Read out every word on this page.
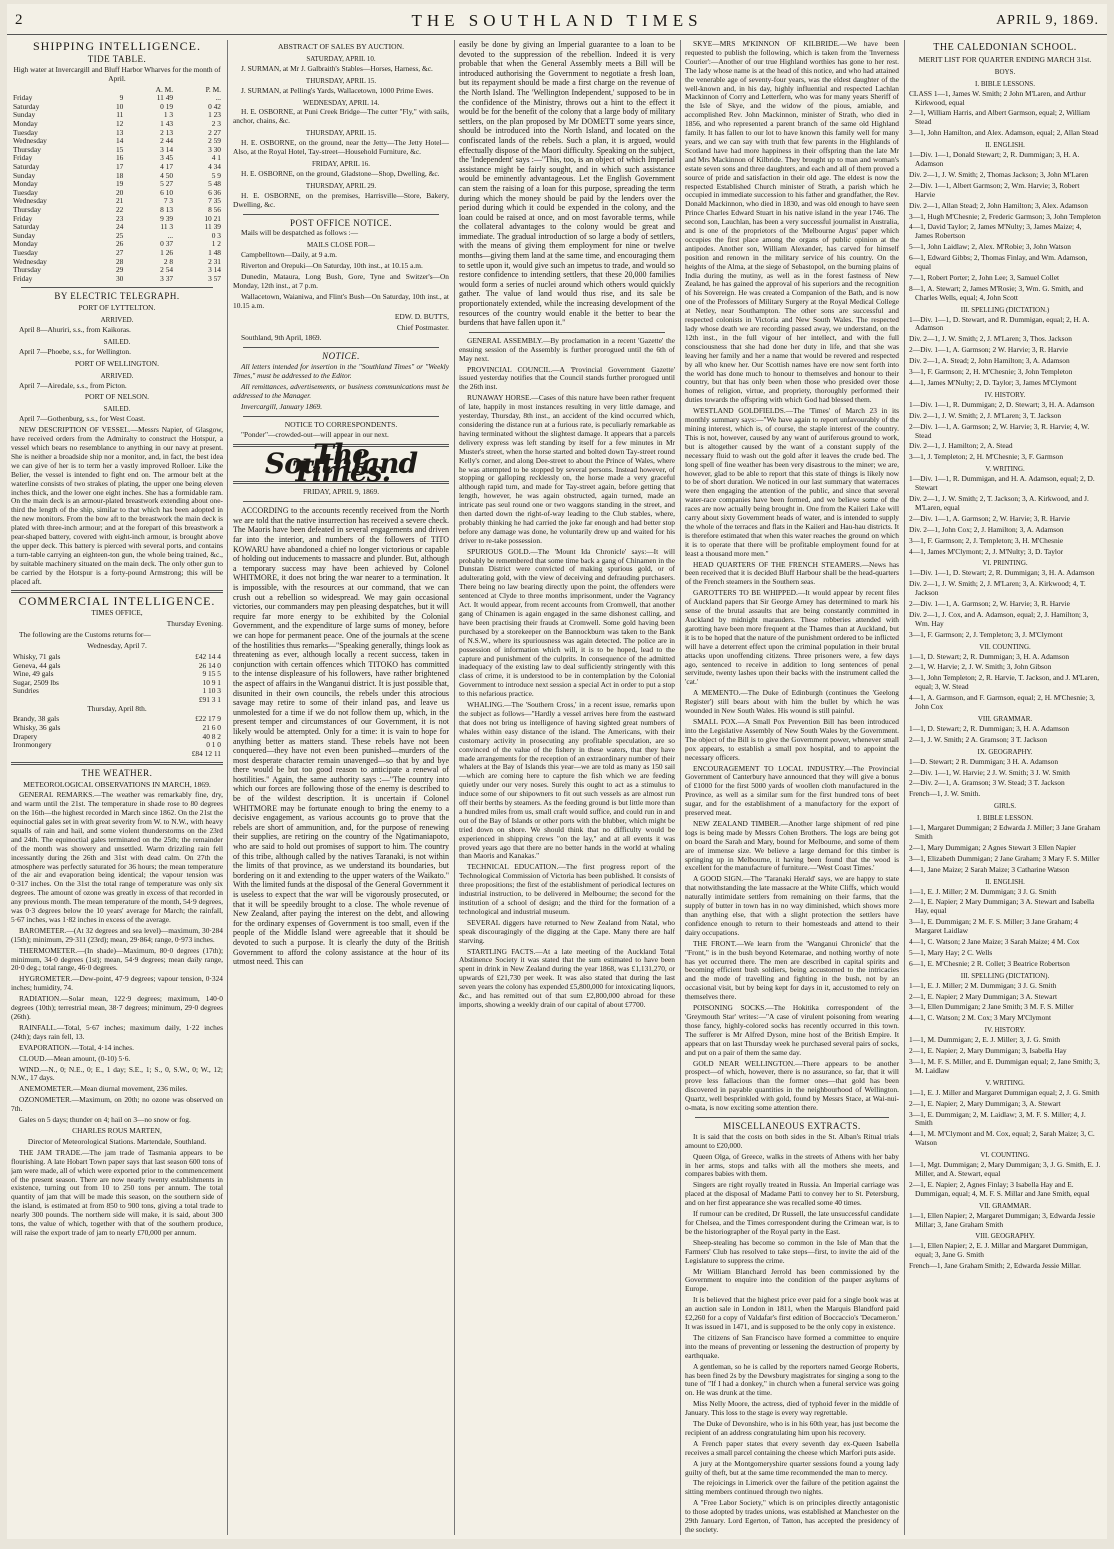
2	THE SOUTHLAND TIMES	APRIL 9, 1869.
SHIPPING INTELLIGENCE.
TIDE TABLE.

High water at Invercargill and Bluff Harbor Wharves for the month of April.

		A. M.	P. M.
Friday	9	11 49	...
Saturday	10	0 19	0 42
Sunday	11	1 3	1 23
Monday	12	1 43	2 3
Tuesday	13	2 13	2 27
Wednesday	14	2 44	2 59
Thursday	15	3 14	3 30
Friday	16	3 45	4 1
Saturday	17	4 17	4 34
Sunday	18	4 50	5 9
Monday	19	5 27	5 48
Tuesday	20	6 10	6 36
Wednesday	21	7 3	7 35
Thursday	22	8 13	8 56
Friday	23	9 39	10 21
Saturday	24	11 3	11 39
Sunday	25	...	0 3
Monday	26	0 37	1 2
Tuesday	27	1 26	1 48
Wednesday	28	2 8	2 31
Thursday	29	2 54	3 14
Friday	30	3 37	3 57
BY ELECTRIC TELEGRAPH.
PORT OF LYTTELTON.
ARRIVED.

April 8—Ahuriri, s.s., from Kaikoras.

SAILED.

April 7—Phoebe, s.s., for Wellington.

PORT OF WELLINGTON.
ARRIVED.

April 7—Airedale, s.s., from Picton.

PORT OF NELSON.
SAILED.

April 7—Gothenburg, s.s., for West Coast.

NEW DESCRIPTION OF VESSEL.—Messrs Napier, of Glasgow, have received orders from the Admiralty to construct the Hotspur, a vessel which bears no resemblance to anything in our navy at present. She is neither a broadside ship nor a monitor, and, in fact, the best idea we can give of her is to term her a vastly improved Rolloer. Like the Belier, the vessel is intended to fight end on. The armour belt at the waterline consists of two strakes of plating, the upper one being eleven inches thick, and the lower one eight inches. She has a formidable ram. On the main deck is an armour-plated breastwork extending about one-third the length of the ship, similar to that which has been adopted in the new monitors. From the bow aft to the breastwork the main deck is plated with three-inch armour; and at the forepart of this breastwork a pear-shaped battery, covered with eight-inch armour, is brought above the upper deck. This battery is pierced with several ports, and contains a turn-table carrying an eighteen-ton gun, the whole being trained, &c., by suitable machinery situated on the main deck. The only other gun to be carried by the Hotspur is a forty-pound Armstrong; this will be placed aft.

COMMERCIAL INTELLIGENCE.

TIMES OFFICE,

Thursday Evening.

The following are the Customs returns for—

Wednesday, April 7.

Whisky, 71 gals	£42 14 4
Geneva, 44 gals	26 14 0
Wine, 49 gals	9 15 5
Sugar, 2509 lbs	10 9 1
Sundries	1 10 3
	£91 3 1

Thursday, April 8th.

Brandy, 38 gals	£22 17 9
Whisky, 36 gals	21 6 0
Drapery	40 8 2
Ironmongery	0 1 0
	£84 12 11
THE WEATHER.
METEOROLOGICAL OBSERVATIONS IN MARCH, 1869.

GENERAL REMARKS.—The weather was remarkably fine, dry, and warm until the 21st. The temperature in shade rose to 80 degrees on the 16th—the highest recorded in March since 1862. On the 21st the equinoctial gales set in with great severity from W. to N.W., with heavy squalls of rain and hail, and some violent thunderstorms on the 23rd and 24th. The equinoctial gales terminated on the 25th; the remainder of the month was showery and unsettled. Warm drizzling rain fell incessantly during the 26th and 31st with dead calm. On 27th the atmosphere was perfectly saturated for 36 hours; the mean temperature of the air and evaporation being identical; the vapour tension was 0·317 inches. On the 31st the total range of temperature was only six degrees. The amount of ozone was greatly in excess of that recorded in any previous month. The mean temperature of the month, 54·9 degrees, was 0·3 degrees below the 10 years' average for March; the rainfall, 5·67 inches, was 1·82 inches in excess of the average.

BAROMETER.—(At 32 degrees and sea level)—maximum, 30·284 (15th); minimum, 29·311 (23rd); mean, 29·864; range, 0·973 inches.

THERMOMETER.—(In shade)—Maximum, 80·0 degrees (17th); minimum, 34·0 degrees (1st); mean, 54·9 degrees; mean daily range, 20·0 deg.; total range, 46·0 degrees.

HYGROMETER.—Dew-point, 47·9 degrees; vapour tension, 0·324 inches; humidity, 74.

RADIATION.—Solar mean, 122·9 degrees; maximum, 140·0 degrees (10th); terrestrial mean, 38·7 degrees; minimum, 29·0 degrees (26th).

RAINFALL.—Total, 5·67 inches; maximum daily, 1·22 inches (24th); days rain fell, 13.

EVAPORATION.—Total, 4·14 inches.

CLOUD.—Mean amount, (0-10) 5·6.

WIND.—N., 0; N.E., 0; E., 1 day; S.E., 1; S., 0, S.W., 0; W., 12; N.W., 17 days.

ANEMOMETER.—Mean diurnal movement, 236 miles.

OZONOMETER.—Maximum, on 20th; no ozone was observed on 7th.

Gales on 5 days; thunder on 4; hail on 3—no snow or fog.

CHARLES ROUS MARTEN,

Director of Meteorological Stations. Martendale, Southland.

THE JAM TRADE.—The jam trade of Tasmania appears to be flourishing. A late Hobart Town paper says that last season 600 tons of jam were made, all of which were exported prior to the commencement of the present season. There are now nearly twenty establishments in existence, turning out from 10 to 250 tons per annum. The total quantity of jam that will be made this season, on the southern side of the island, is estimated at from 850 to 900 tons, giving a total trade to nearly 300 pounds. The northern side will make, it is said, about 300 tons, the value of which, together with that of the southern produce, will raise the export trade of jam to nearly £70,000 per annum.

ABSTRACT OF SALES BY AUCTION.
SATURDAY, APRIL 10.

J. SURMAN, at Mr J. Galbraith's Stables—Horses, Harness, &c.

THURSDAY, APRIL 15.

J. SURMAN, at Pelling's Yards, Wallacetown, 1000 Prime Ewes.

WEDNESDAY, APRIL 14.

H. E. OSBORNE, at Puni Creek Bridge—The cutter "Fly," with sails, anchor, chains, &c.

THURSDAY, APRIL 15.

H. E. OSBORNE, on the ground, near the Jetty—The Jetty Hotel—Also, at the Royal Hotel, Tay-street—Household Furniture, &c.

FRIDAY, APRIL 16.

H. E. OSBORNE, on the ground, Gladstone—Shop, Dwelling, &c.

THURSDAY, APRIL 29.

H. E. OSBORNE, on the premises, Harrisville—Store, Bakery, Dwelling, &c.

POST OFFICE NOTICE.

Mails will be despatched as follows :—

MAILS CLOSE FOR—

Campbelltown—Daily, at 9 a.m.

Riverton and Orepuki—On Saturday, 10th inst., at 10.15 a.m.

Dunedin, Mataura, Long Bush, Gore, Tyne and Switzer's—On Monday, 12th inst., at 7 p.m.

Wallacetown, Waianiwa, and Flint's Bush—On Saturday, 10th inst., at 10.15 a.m.

EDW. D. BUTTS,

Chief Postmaster.

Southland, 9th April, 1869.

NOTICE.

All letters intended for insertion in the "Southland Times" or "Weekly Times," must be addressed to the Editor.

All remittances, advertisements, or business communications must be addressed to the Manager.

Invercargill, January 1869.

NOTICE TO CORRESPONDENTS.

"Ponder"—crowded-out—will appear in our next.

The Southland Times.

FRIDAY, APRIL 9, 1869.

ACCORDING to the accounts recently received from the North we are told that the native insurrection has received a severe check. The Maoris have been defeated in several engagements and driven far into the interior, and numbers of the followers of TITO KOWARU have abandoned a chief no longer victorious or capable of holding out inducements to massacre and plunder. But, although a temporary success may have been achieved by Colonel WHITMORE, it does not bring the war nearer to a termination. It is impossible, with the resources at our command, that we can crush out a rebellion so widespread. We may gain occasional victories, our commanders may pen pleasing despatches, but it will require far more energy to be exhibited by the Colonial Government, and the expenditure of large sums of money, before we can hope for permanent peace. One of the journals at the scene of the hostilities thus remarks—"Speaking generally, things look as threatening as ever, although locally a recent success, taken in conjunction with certain offences which TITOKO has committed to the intense displeasure of his followers, have rather brightened the aspect of affairs in the Wanganui district. It is just possible that, disunited in their own councils, the rebels under this atrocious savage may retire to some of their inland pas, and leave us unmolested for a time if we do not follow them up, which, in the present temper and circumstances of our Government, it is not likely would be attempted. Only for a time: it is vain to hope for anything better as matters stand. These rebels have not been conquered—they have not even been punished—murders of the most desperate character remain unavenged—so that by and bye there would be but too good reason to anticipate a renewal of hostilities." Again, the same authority says :—"The country into which our forces are following those of the enemy is described to be of the wildest description. It is uncertain if Colonel WHITMORE may be fortunate enough to bring the enemy to a decisive engagement, as various accounts go to prove that the rebels are short of ammunition, and, for the purpose of renewing their supplies, are retiring on the country of the Ngatimaniapoto, who are said to hold out promises of support to him. The country of this tribe, although called by the natives Taranaki, is not within the limits of that province, as we understand its boundaries, but bordering on it and extending to the upper waters of the Waikato." With the limited funds at the disposal of the General Government it is useless to expect that the war will be vigorously prosecuted, or that it will be speedily brought to a close. The whole revenue of New Zealand, after paying the interest on the debt, and allowing for the ordinary expenses of Government is too small, even if the people of the Middle Island were agreeable that it should be devoted to such a purpose. It is clearly the duty of the British Government to afford the colony assistance at the hour of its utmost need. This can

easily be done by giving an Imperial guarantee to a loan to be devoted to the suppression of the rebellion. Indeed it is very probable that when the General Assembly meets a Bill will be introduced authorising the Government to negotiate a fresh loan, but its repayment should be made a first charge on the revenue of the North Island. The 'Wellington Independent,' supposed to be in the confidence of the Ministry, throws out a hint to the effect it would be for the benefit of the colony that a large body of military settlers, on the plan proposed by Mr DOMETT some years since, should be introduced into the North Island, and located on the confiscated lands of the rebels. Such a plan, it is argued, would effectually dispose of the Maori difficulty. Speaking on the subject, the 'Independent' says :—"This, too, is an object of which Imperial assistance might be fairly sought, and in which such assistance would be eminently advantageous. Let the English Government can stem the raising of a loan for this purpose, spreading the term during which the money should be paid by the lenders over the period during which it could be expended in the colony, and the loan could be raised at once, and on most favorable terms, while the collateral advantages to the colony would be great and immediate. The gradual introduction of so large a body of settlers, with the means of giving them employment for nine or twelve months—giving them land at the same time, and encouraging them to settle upon it, would give such an impetus to trade, and would so restore confidence to intending settlers, that these 20,000 families would form a series of nuclei around which others would quickly gather. The value of land would thus rise, and its sale be proportionately extended, while the increasing development of the resources of the country would enable it the better to bear the burdens that have fallen upon it."

GENERAL ASSEMBLY.—By proclamation in a recent 'Gazette' the ensuing session of the Assembly is further prorogued until the 6th of May next.

PROVINCIAL COUNCIL.—A 'Provincial Government Gazette' issued yesterday notifies that the Council stands further prorogued until the 26th inst.

RUNAWAY HORSE.—Cases of this nature have been rather frequent of late, happily in most instances resulting in very little damage, and yesterday, Thursday, 8th inst., an accident of the kind occurred which, considering the distance run at a furious rate, is peculiarly remarkable as having terminated without the slightest damage. It appears that a parcels delivery express was left standing by itself for a few minutes in Mr Muster's street, when the horse started and bolted down Tay-street round Kelly's corner, and along Dee-street to about the Prince of Wales, where he was attempted to be stopped by several persons. Instead however, of stopping or galloping recklessly on, the horse made a very graceful although rapid turn, and made for Tay-street again, before getting that length, however, he was again obstructed, again turned, made an intricate pas seul round one or two waggons standing in the street, and then darted down the right-of-way leading to the Club stables, where, probably thinking he had carried the joke far enough and had better stop before any damage was done, he voluntarily drew up and waited for his driver to re-take possession.

SPURIOUS GOLD.—The 'Mount Ida Chronicle' says:—It will probably be remembered that some time back a gang of Chinamen in the Dunstan District were convicted of making spurious gold, or of adulterating gold, with the view of deceiving and defrauding purchasers. There being no law bearing directly upon the point, the offenders were sentenced at Clyde to three months imprisonment, under the Vagrancy Act. It would appear, from recent accounts from Cromwell, that another gang of Chinamen is again engaged in the same dishonest calling, and have been practising their frauds at Cromwell. Some gold having been purchased by a storekeeper on the Bannockburn was taken to the Bank of N.S.W., where its spuriousness was again detected. The police are in possession of information which will, it is to be hoped, lead to the capture and punishment of the culprits. In consequence of the admitted inadequacy of the existing law to deal sufficiently stringently with this class of crime, it is understood to be in contemplation by the Colonial Government to introduce next session a special Act in order to put a stop to this nefarious practice.

WHALING.—The 'Southern Cross,' in a recent issue, remarks upon the subject as follows—"Hardly a vessel arrives here from the eastward that does not bring us intelligence of having sighted great numbers of whales within easy distance of the island. The Americans, with their customary activity in prosecuting any profitable speculation, are so convinced of the value of the fishery in these waters, that they have made arrangements for the reception of an extraordinary number of their whalers at the Bay of Islands this year—we are told as many as 150 sail—which are coming here to capture the fish which we are feeding quietly under our very noses. Surely this ought to act as a stimulus to induce some of our shipowners to fit out such vessels as are almost run off their berths by steamers. As the feeding ground is but little more than a hundred miles from us, small craft would suffice, and could run in and out of the Bay of Islands or other ports with the blubber, which might be tried down on shore. We should think that no difficulty would be experienced in shipping crews "on the lay," and at all events it was proved years ago that there are no better hands in the world at whaling than Maoris and Kanakas."

TECHNICAL EDUCATION.—The first progress report of the Technological Commission of Victoria has been published. It consists of three propositions; the first of the establishment of periodical lectures on industrial instruction, to be delivered in Melbourne; the second for the institution of a school of design; and the third for the formation of a technological and industrial museum.

SEVERAL diggers have returned to New Zealand from Natal, who speak discouragingly of the digging at the Cape. Many there are half starving.

STARTLING FACTS.—At a late meeting of the Auckland Total Abstinence Society it was stated that the sum estimated to have been spent in drink in New Zealand during the year 1868, was £1,131,270, or upwards of £21,730 per week. It was also stated that during the last seven years the colony has expended £5,800,000 for intoxicating liquors, &c., and has remitted out of that sum £2,800,000 abroad for these imports, showing a weekly drain of our capital of about £7700.

SKYE—MRS M'KINNON OF KILBRIDE.—We have been requested to publish the following, which is taken from the 'Inverness Courier':—Another of our true Highland worthies has gone to her rest. The lady whose name is at the head of this notice, and who had attained the venerable age of seventy-four years, was the eldest daughter of the well-known and, in his day, highly influential and respected Lachlan Mackinnon of Corry and Letterfern, who was for many years Sheriff of the Isle of Skye, and the widow of the pious, amiable, and accomplished Rev. John Mackinnon, minister of Strath, who died in 1856, and who represented a parent branch of the same old Highland family. It has fallen to our lot to have known this family well for many years, and we can say with truth that few parents in the Highlands of Scotland have had more happiness in their offspring than the late Mr and Mrs Mackinnon of Kilbride. They brought up to man and woman's estate seven sons and three daughters, and each and all of them proved a source of pride and satisfaction in their old age. The eldest is now the respected Established Church minister of Strath, a parish which he occupied in immediate succession to his father and grandfather, the Rev. Donald Mackinnon, who died in 1830, and was old enough to have seen Prince Charles Edward Stuart in his native island in the year 1746. The second son, Lauchlan, has been a very successful journalist in Australia, and is one of the proprietors of the 'Melbourne Argus' paper which occupies the first place among the organs of public opinion at the antipodes. Another son, William Alexander, has carved for himself position and renown in the military service of his country. On the heights of the Alma, at the siege of Sebastopol, on the burning plains of India during the mutiny, as well as in the forest fastness of New Zealand, he has gained the approval of his superiors and the recognition of his Sovereign. He was created a Companion of the Bath, and is now one of the Professors of Military Surgery at the Royal Medical College at Netley, near Southampton. The other sons are successful and respected colonists in Victoria and New South Wales. The respected lady whose death we are recording passed away, we understand, on the 12th inst., in the full vigour of her intellect, and with the full consciousness that she had done her duty in life, and that she was leaving her family and her a name that would be revered and respected by all who knew her. Our Scottish names have ere now sent forth into the world has done much to honour to themselves and honour to their country, but that has only been when those who presided over those homes of religion, virtue, and propriety, thoroughly performed their duties towards the offspring with which God had blessed them.

WESTLAND GOLDFIELDS.—The 'Times' of March 23 in its monthly summary says:—"We have again to report unfavourably of the mining interest, which is, of course, the staple interest of the country. This is not, however, caused by any want of auriferous ground to work, but is altogether caused by the want of a constant supply of the necessary fluid to wash out the gold after it leaves the crude bed. The long spell of fine weather has been very disastrous to the miner; we are, however, glad to be able to report that this state of things is likely now to be of short duration. We noticed in our last summary that waterraces were then engaging the attention of the public, and since that several water-race companies have been formed, and we believe some of the races are now actually being brought in. One from the Kaiieri Lake will carry about sixty Government heads of water, and is intended to supply the whole of the terraces and flats in the Kaiieri and Hau-hau districts. It is therefore estimated that when this water reaches the ground on which it is to operate that there will be profitable employment found for at least a thousand more men."

HEAD QUARTERS OF THE FRENCH STEAMERS.—News has been received that it is decided Bluff Harbour shall be the head-quarters of the French steamers in the Southern seas.

GAROTTERS TO BE WHIPPED.—It would appear by recent files of Auckland papers that Sir George Arney has determined to mark his sense of the brutal assaults that are being constantly committed in Auckland by midnight marauders. These robberies attended with garotting have been more frequent at the Thames than at Auckland, but it is to be hoped that the nature of the punishment ordered to be inflicted will have a deterrent effect upon the criminal population in their brutal attacks upon unoffending citizens. Three prisoners were, a few days ago, sentenced to receive in addition to long sentences of penal servitude, twenty lashes upon their backs with the instrument called the 'cat.'

A MEMENTO.—The Duke of Edinburgh (continues the 'Geelong Register') still bears about with him the bullet by which he was wounded in New South Wales. His wound is still painful.

SMALL POX.—A Small Pox Prevention Bill has been introduced into the Legislative Assembly of New South Wales by the Government. The object of the Bill is to give the Government power, whenever small pox appears, to establish a small pox hospital, and to appoint the necessary officers.

ENCOURAGEMENT TO LOCAL INDUSTRY.—The Provincial Government of Canterbury have announced that they will give a bonus of £1000 for the first 5000 yards of woollen cloth manufactured in the Province, as well as a similar sum for the first hundred tons of beet sugar, and for the establishment of a manufactory for the export of preserved meat.

NEW ZEALAND TIMBER.—Another large shipment of red pine logs is being made by Messrs Cohen Brothers. The logs are being got on board the Sarah and Mary, bound for Melbourne, and some of them are of immense size. We believe a large demand for this timber is springing up in Melbourne, it having been found that the wood is excellent for the manufacture of furniture.—'West Coast Times.'

A GOOD SIGN.—The 'Taranaki Herald' says, we are happy to state that notwithstanding the late massacre at the White Cliffs, which would naturally intimidate settlers from remaining on their farms, that the supply of butter in town has in no way diminished, which shows more than anything else, that with a slight protection the settlers have confidence enough to return to their homesteads and attend to their dairy occupations.

THE FRONT.—We learn from the 'Wanganui Chronicle' that the "Front," is in the bush beyond Ketemarae, and nothing worthy of note has yet occurred there. The men are described in capital spirits and becoming efficient bush soldiers, being accustomed to the intricacies and the mode of travelling and fighting in the bush, not by an occasional visit, but by being kept for days in it, accustomed to rely on themselves there.

POISONING SOCKS.—The Hokitika correspondent of the 'Greymouth Star' writes:—"A case of virulent poisoning from wearing those fancy, highly-colored socks has recently occurred in this town. The sufferer is Mr Alfred Dyson, mine host of the British Empire. It appears that on last Thursday week he purchased several pairs of socks, and put on a pair of them the same day.

GOLD NEAR WELLINGTON.—There appears to be another prospect—of which, however, there is no assurance, so far, that it will prove less fallacious than the former ones—that gold has been discovered in payable quantities in the neighbourhood of Wellington. Quartz, well besprinkled with gold, found by Messrs Stace, at Wai-nui-o-mata, is now exciting some attention there.

MISCELLANEOUS EXTRACTS.

It is said that the costs on both sides in the St. Alban's Ritual trials amount to £20,000.

Queen Olga, of Greece, walks in the streets of Athens with her baby in her arms, stops and talks with all the mothers she meets, and compares babies with them.

Singers are right royally treated in Russia. An Imperial carriage was placed at the disposal of Madame Patti to convey her to St. Petersburg, and on her first appearance she was recalled some 40 times.

If rumour can be credited, Dr Russell, the late unsuccessful candidate for Chelsea, and the Times correspondent during the Crimean war, is to be the historiographer of the Royal party in the East.

Sheep-stealing has become so common in the Isle of Man that the Farmers' Club has resolved to take steps—first, to invite the aid of the Legislature to suppress the crime.

Mr William Blanchard Jerrold has been commissioned by the Government to enquire into the condition of the pauper asylums of Europe.

It is believed that the highest price ever paid for a single book was at an auction sale in London in 1811, when the Marquis Blandford paid £2,260 for a copy of Valdafar's first edition of Boccaccio's 'Decameron.' It was issued in 1471, and is supposed to be the only copy in existence.

The citizens of San Francisco have formed a committee to enquire into the means of preventing or lessening the destruction of property by earthquake.

A gentleman, so he is called by the reporters named George Roberts, has been fined 2s by the Dewsbury magistrates for singing a song to the tune of "If I had a donkey," in church when a funeral service was going on. He was drunk at the time.

Miss Nelly Moore, the actress, died of typhoid fever in the middle of January. This loss to the stage is every way regrettable.

The Duke of Devonshire, who is in his 60th year, has just become the recipient of an address congratulating him upon his recovery.

A French paper states that every seventh day ex-Queen Isabella receives a small parcel containing the cheese which Marfori puts aside.

A jury at the Montgomeryshire quarter sessions found a young lady guilty of theft, but at the same time recommended the man to mercy.

The rejoicings in Limerick over the failure of the petition against the sitting members continued through two nights.

A "Free Labor Society," which is on principles directly antagonistic to those adopted by trades unions, was established at Manchester on the 29th January. Lord Egerton, of Tatton, has accepted the presidency of the society.

THE CALEDONIAN SCHOOL.
MERIT LIST FOR QUARTER ENDING MARCH 31st.
BOYS.
I. BIBLE LESSONS.

CLASS 1—1, James W. Smith; 2 John M'Laren, and Arthur Kirkwood, equal

2—1, William Harris, and Albert Garmson, equal; 2, William Stead

3—1, John Hamilton, and Alex. Adamson, equal; 2, Allan Stead

II. ENGLISH.

1—Div. 1—1, Donald Stewart; 2, R. Dummigan; 3, H. A. Adamson

Div. 2—1, J. W. Smith; 2, Thomas Jackson; 3, John M'Laren

2—Div. 1—1, Albert Garmson; 2, Wm. Harvie; 3, Robert Harvie

Div. 2—1, Allan Stead; 2, John Hamilton; 3, Alex. Adamson

3—1, Hugh M'Chesnie; 2, Frederic Garmson; 3, John Templeton

4—1, David Taylor; 2, James M'Nulty; 3, James Maize; 4, James Robertson

5—1, John Laidlaw; 2, Alex. M'Robie; 3, John Watson

6—1, Edward Gibbs; 2, Thomas Finlay, and Wm. Adamson, equal

7—1, Robert Porter; 2, John Lee; 3, Samuel Collet

8—1, A. Stewart; 2, James M'Rosie; 3, Wm. G. Smith, and Charles Wells, equal; 4, John Scott

III. SPELLING (DICTATION.)

1—Div. 1—1, D. Stewart, and R. Dummigan, equal; 2, H. A. Adamson

Div. 2—1, J. W. Smith; 2, J. M'Laren; 3, Thos. Jackson

2—Div. 1—1, A. Garmson; 2 W. Harvie; 3, R. Harvie

Div. 2—1, A. Stead; 2, John Hamilton; 3, A. Adamson

3—1, F. Garmson; 2, H. M'Chesnie; 3, John Templeton

4—1, James M'Nulty; 2, D. Taylor; 3, James M'Clymont

IV. HISTORY.

1—Div. 1—1, R. Dummigan; 2, D. Stewart; 3, H. A. Adamson

Div. 2—1, J. W. Smith; 2, J. M'Laren; 3, T. Jackson

2—Div. 1—1, A. Garmson; 2, W. Harvie; 3, R. Harvie; 4, W. Stead

Div. 2—1, J. Hamilton; 2, A. Stead

3—1, J. Templeton; 2, H. M'Chesnie; 3, F. Garmson

V. WRITING.

1—Div. 1—1, R. Dummigan, and H. A. Adamson, equal; 2, D. Stewart

Div. 2—1, J. W. Smith; 2, T. Jackson; 3, A. Kirkwood, and J. M'Laren, equal

2—Div. 1—1, A. Garmson; 2, W. Harvie; 3, R. Harvie

Div. 2—1, John Cox; 2, J. Hamilton; 3, A. Adamson

3—1, F. Garmson; 2, J. Templeton; 3, H. M'Chesnie

4—1, James M'Clymont; 2, J. M'Nulty; 3, D. Taylor

VI. PRINTING.

1—Div. 1—1, D. Stewart; 2, R. Dummigan; 3, H. A. Adamson

Div. 2—1, J. W. Smith; 2, J. M'Laren; 3, A. Kirkwood; 4, T. Jackson

2—Div. 1—1, A. Garmson; 2, W. Harvie; 3, R. Harvie

Div. 2—1, J. Cox, and A. Adamson, equal; 2, J. Hamilton; 3, Wm. Hay

3—1, F. Garmson; 2, J. Templeton; 3, J. M'Clymont

VII. COUNTING.

1—1, D. Stewart; 2, R. Dummigan; 3, H. A. Adamson

2—1, W. Harvie; 2, J. W. Smith; 3, John Gibson

3—1, John Templeton; 2, R. Harvie, T. Jackson, and J. M'Laren, equal; 3, W. Stead

4—1, A. Garmson, and F. Garmson, equal; 2, H. M'Chesnie; 3, John Cox

VIII. GRAMMAR.

1—1, D. Stewart; 2, R. Dummigan; 3, H. A. Adamson

2—1, J. W. Smith; 2 A. Gramson; 3 T. Jackson

IX. GEOGRAPHY.

1—D. Stewart; 2 R. Dummigan; 3 H. A. Adamson

2—Div. 1—1, W. Harvie; 2 J. W. Smith; 3 J. W. Smith

2—Div. 2—1, A. Gramson; 3 W. Stead; 3 T. Jackson

French—1, J. W. Smith.

GIRLS.
I. BIBLE LESSON.

1—1, Margaret Dummigan; 2 Edwarda J. Miller; 3 Jane Graham Smith

2—1, Mary Dummigan; 2 Agnes Stewart 3 Ellen Napier

3—1, Elizabeth Dummigan; 2 Jane Graham; 3 Mary F. S. Miller

4—1, Jane Maize; 2 Sarah Maize; 3 Catharine Watson

II. ENGLISH.

1—1, E. J. Miller; 2 M. Dummigan; 3 J. G. Smith

2—1, E. Napier; 2 Mary Dummigan; 3 A. Stewart and Isabella Hay, equal

3—1, E. Dummigan; 2 M. F. S. Miller; 3 Jane Graham; 4 Margaret Laidlaw

4—1, C. Watson; 2 Jane Maize; 3 Sarah Maize; 4 M. Cox

5—1, Mary Hay; 2 C. Wells

6—1, E. M'Chesnie; 2 R. Collet; 3 Beatrice Robertson

III. SPELLING (DICTATION).

1—1, E. J. Miller; 2 M. Dummigan; 3 J. G. Smith

2—1, E. Napier; 2 Mary Dummigan; 3 A. Stewart

3—1, Ellen Dummigan; 2 Jane Smith; 3 M. F. S. Miller

4—1, C. Watson; 2 M. Cox; 3 Mary M'Clymont

IV. HISTORY.

1—1, M. Dummigan; 2, E. J. Miller; 3, J. G. Smith

2—1, E. Napier; 2, Mary Dummigan; 3, Isabella Hay

3—1, M. F. S. Miller, and E. Dummigan equal; 2, Jane Smith; 3, M. Laidlaw

V. WRITING.

1—1, E. J. Miller and Margaret Dummigan equal; 2, J. G. Smith

2—1, E. Napier; 2, Mary Dummigan; 3, A. Stewart

3—1, E. Dummigan; 2, M. Laidlaw; 3, M. F. S. Miller; 4, J. Smith

4—1, M. M'Clymont and M. Cox, equal; 2, Sarah Maize; 3, C. Watson

VI. COUNTING.

1—1, Mgt. Dummigan; 2, Mary Dummigan; 3, J. G. Smith, E. J. Miller, and A. Stewart, equal

2—1, E. Napier; 2, Agnes Finlay; 3 Isabella Hay and E. Dummigan, equal; 4, M. F. S. Millar and Jane Smith, equal

VII. GRAMMAR.

1—1, Ellen Napier; 2, Margaret Dummigan; 3, Edwarda Jessie Millar; 3, Jane Graham Smith

VIII. GEOGRAPHY.

1—1, Ellen Napier; 2, E. J. Millar and Margaret Dummigan, equal; 3, Jane G. Smith

French—1, Jane Graham Smith; 2, Edwarda Jessie Millar.
